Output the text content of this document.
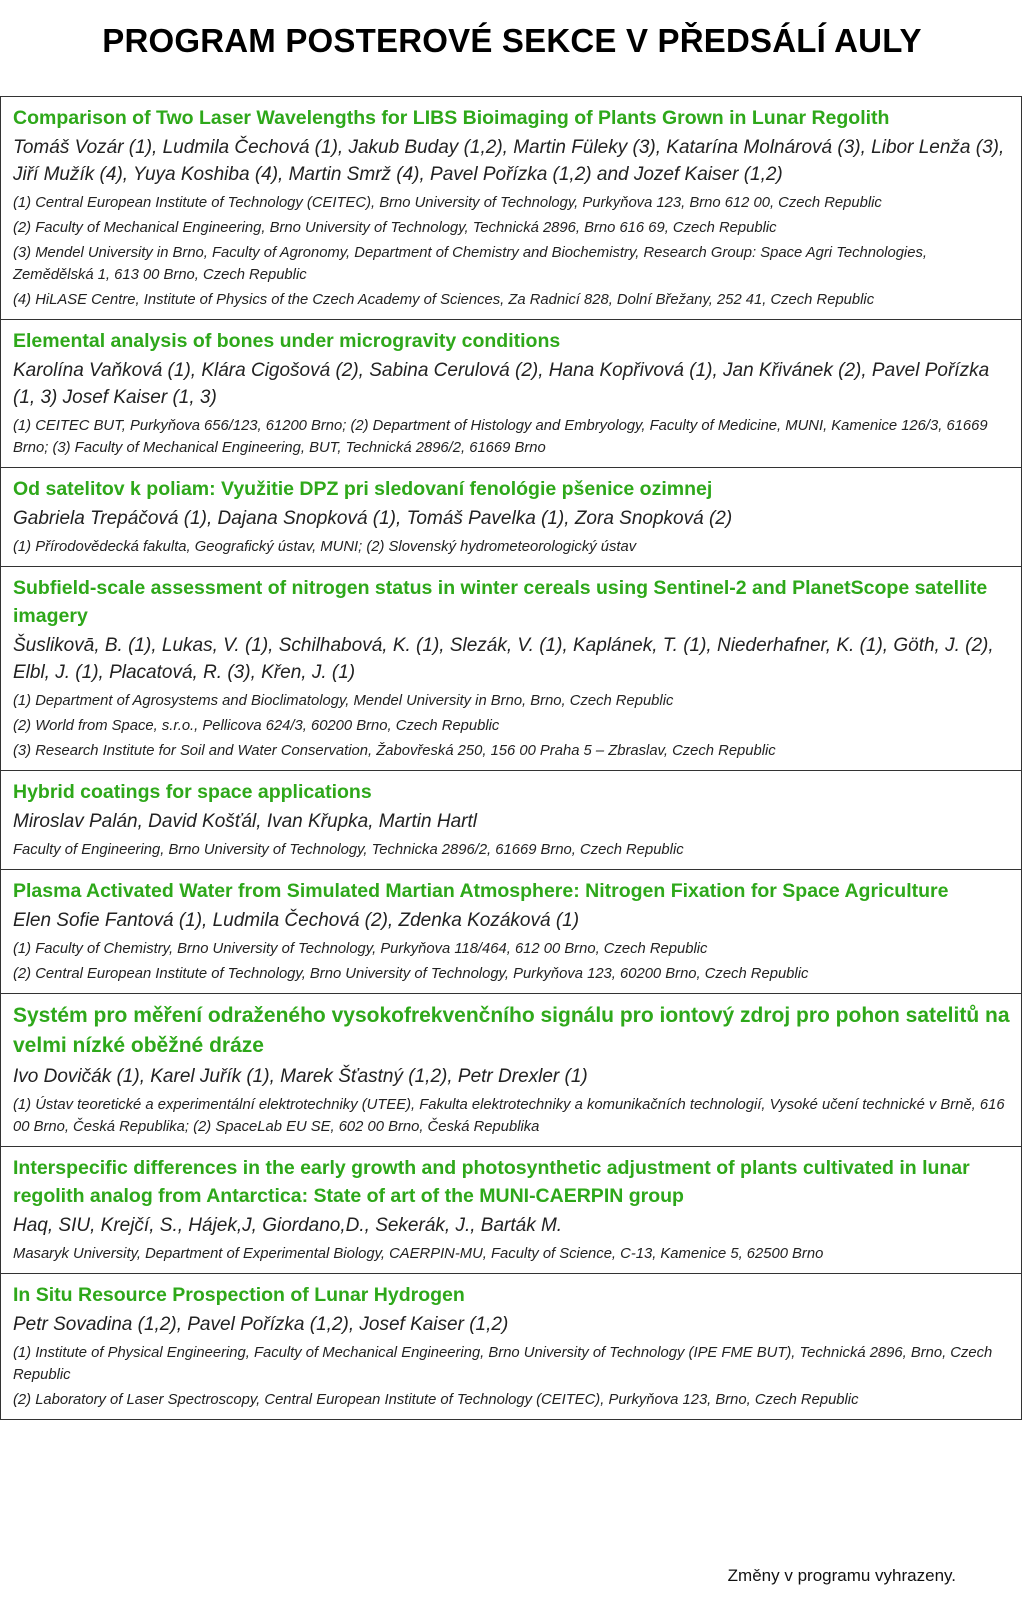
PROGRAM POSTEROVÉ SEKCE V PŘEDSÁLÍ AULY

Comparison of Two Laser Wavelengths for LIBS Bioimaging of Plants Grown in Lunar Regolith

Tomáš Vozár (1), Ludmila Čechová (1), Jakub Buday (1,2), Martin Füleky (3), Katarína Molnárová (3), Libor Lenža (3), Jiří Mužík (4), Yuya Koshiba (4), Martin Smrž (4), Pavel Pořízka (1,2) and Jozef Kaiser (1,2)

(1) Central European Institute of Technology (CEITEC), Brno University of Technology, Purkyňova 123, Brno 612 00, Czech Republic

(2) Faculty of Mechanical Engineering, Brno University of Technology, Technická 2896, Brno 616 69, Czech Republic

(3) Mendel University in Brno, Faculty of Agronomy, Department of Chemistry and Biochemistry, Research Group: Space Agri Technologies, Zemědělská 1, 613 00 Brno, Czech Republic

(4) HiLASE Centre, Institute of Physics of the Czech Academy of Sciences, Za Radnicí 828, Dolní Břežany, 252 41, Czech Republic

Elemental analysis of bones under microgravity conditions

Karolína Vaňková (1), Klára Cigošová (2), Sabina Cerulová (2), Hana Kopřivová (1), Jan Křivánek (2), Pavel Pořízka (1, 3) Josef Kaiser (1, 3)

(1) CEITEC BUT, Purkyňova 656/123, 61200 Brno; (2) Department of Histology and Embryology, Faculty of Medicine, MUNI, Kamenice 126/3, 61669 Brno; (3) Faculty of Mechanical Engineering, BUT, Technická 2896/2, 61669 Brno

Od satelitov k poliam: Využitie DPZ pri sledovaní fenológie pšenice ozimnej

Gabriela Trepáčová (1), Dajana Snopková (1), Tomáš Pavelka (1), Zora Snopková (2)

(1) Přírodovědecká fakulta, Geografický ústav, MUNI; (2) Slovenský hydrometeorologický ústav

Subfield-scale assessment of nitrogen status in winter cereals using Sentinel-2 and PlanetScope satellite imagery

Šuslikovā, B. (1), Lukas, V. (1), Schilhabová, K. (1), Slezák, V. (1), Kaplánek, T. (1), Niederhafner, K. (1), Göth, J. (2), Elbl, J. (1), Placatová, R. (3), Křen, J. (1)

(1) Department of Agrosystems and Bioclimatology, Mendel University in Brno, Brno, Czech Republic

(2) World from Space, s.r.o., Pellicova 624/3, 60200 Brno, Czech Republic

(3) Research Institute for Soil and Water Conservation, Žabovřeská 250, 156 00 Praha 5 – Zbraslav, Czech Republic

Hybrid coatings for space applications

Miroslav Palán, David Košťál, Ivan Křupka, Martin Hartl

Faculty of Engineering, Brno University of Technology, Technicka 2896/2, 61669 Brno, Czech Republic

Plasma Activated Water from Simulated Martian Atmosphere: Nitrogen Fixation for Space Agriculture

Elen Sofie Fantová (1), Ludmila Čechová (2), Zdenka Kozáková (1)

(1) Faculty of Chemistry, Brno University of Technology, Purkyňova 118/464, 612 00 Brno, Czech Republic

(2) Central European Institute of Technology, Brno University of Technology, Purkyňova 123, 60200 Brno, Czech Republic

Systém pro měření odraženého vysokofrekvenčního signálu pro iontový zdroj pro pohon satelitů na velmi nízké oběžné dráze

Ivo Dovičák (1), Karel Juřík (1), Marek Šťastný (1,2), Petr Drexler (1)

(1) Ústav teoretické a experimentální elektrotechniky (UTEE), Fakulta elektrotechniky a komunikačních technologií, Vysoké učení technické v Brně, 616 00 Brno, Česká Republika; (2) SpaceLab EU SE, 602 00 Brno, Česká Republika

Interspecific differences in the early growth and photosynthetic adjustment of plants cultivated in lunar regolith analog from Antarctica: State of art of the MUNI-CAERPIN group

Haq, SIU, Krejčí, S., Hájek,J, Giordano,D., Sekerák, J., Barták M.

Masaryk University, Department of Experimental Biology, CAERPIN-MU, Faculty of Science, C-13, Kamenice 5, 62500 Brno

In Situ Resource Prospection of Lunar Hydrogen

Petr Sovadina (1,2), Pavel Pořízka (1,2), Josef Kaiser (1,2)

(1) Institute of Physical Engineering, Faculty of Mechanical Engineering, Brno University of Technology (IPE FME BUT), Technická 2896, Brno, Czech Republic

(2) Laboratory of Laser Spectroscopy, Central European Institute of Technology (CEITEC), Purkyňova 123, Brno, Czech Republic

Změny v programu vyhrazeny.
